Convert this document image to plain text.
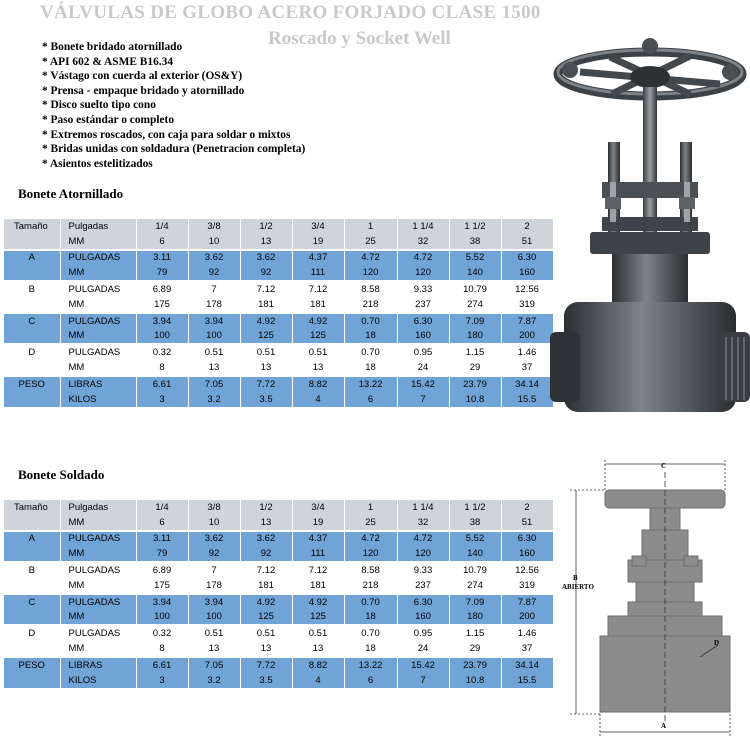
VÁLVULAS DE GLOBO ACERO FORJADO CLASE 1500
Roscado y Socket Well
* Bonete bridado atornillado
* API 602 & ASME B16.34
* Vástago con cuerda al exterior (OS&Y)
* Prensa - empaque bridado y atornillado
* Disco suelto tipo cono
* Paso estándar o completo
* Extremos roscados, con caja para soldar o mixtos
* Bridas unidas con soldadura (Penetracion completa)
* Asientos estelitizados
Bonete Atornillado
Tamaño	Pulgadas	1/4	3/8	1/2	3/4	1	1 1/4	1 1/2	2
	MM	6	10	13	19	25	32	38	51
A	PULGADAS	3.11	3.62	3.62	4.37	4.72	4.72	5.52	6.30
	MM	79	92	92	111	120	120	140	160
B	PULGADAS	6.89	7	7.12	7.12	8.58	9.33	10.79	12.56
	MM	175	178	181	181	218	237	274	319
C	PULGADAS	3.94	3.94	4.92	4.92	0.70	6.30	7.09	7.87
	MM	100	100	125	125	18	160	180	200
D	PULGADAS	0.32	0.51	0.51	0.51	0.70	0.95	1.15	1.46
	MM	8	13	13	13	18	24	29	37
PESO	LIBRAS	6.61	7.05	7.72	8.82	13.22	15.42	23.79	34.14
	KILOS	3	3.2	3.5	4	6	7	10.8	15.5
Bonete Soldado
Tamaño	Pulgadas	1/4	3/8	1/2	3/4	1	1 1/4	1 1/2	2
	MM	6	10	13	19	25	32	38	51
A	PULGADAS	3.11	3.62	3.62	4.37	4.72	4.72	5.52	6.30
	MM	79	92	92	111	120	120	140	160
B	PULGADAS	6.89	7	7.12	7.12	8.58	9.33	10.79	12.56
	MM	175	178	181	181	218	237	274	319
C	PULGADAS	3.94	3.94	4.92	4.92	0.70	6.30	7.09	7.87
	MM	100	100	125	125	18	160	180	200
D	PULGADAS	0.32	0.51	0.51	0.51	0.70	0.95	1.15	1.46
	MM	8	13	13	13	18	24	29	37
PESO	LIBRAS	6.61	7.05	7.72	8.82	13.22	15.42	23.79	34.14
	KILOS	3	3.2	3.5	4	6	7	10.8	15.5
C
B
ABIERTO
D
A
